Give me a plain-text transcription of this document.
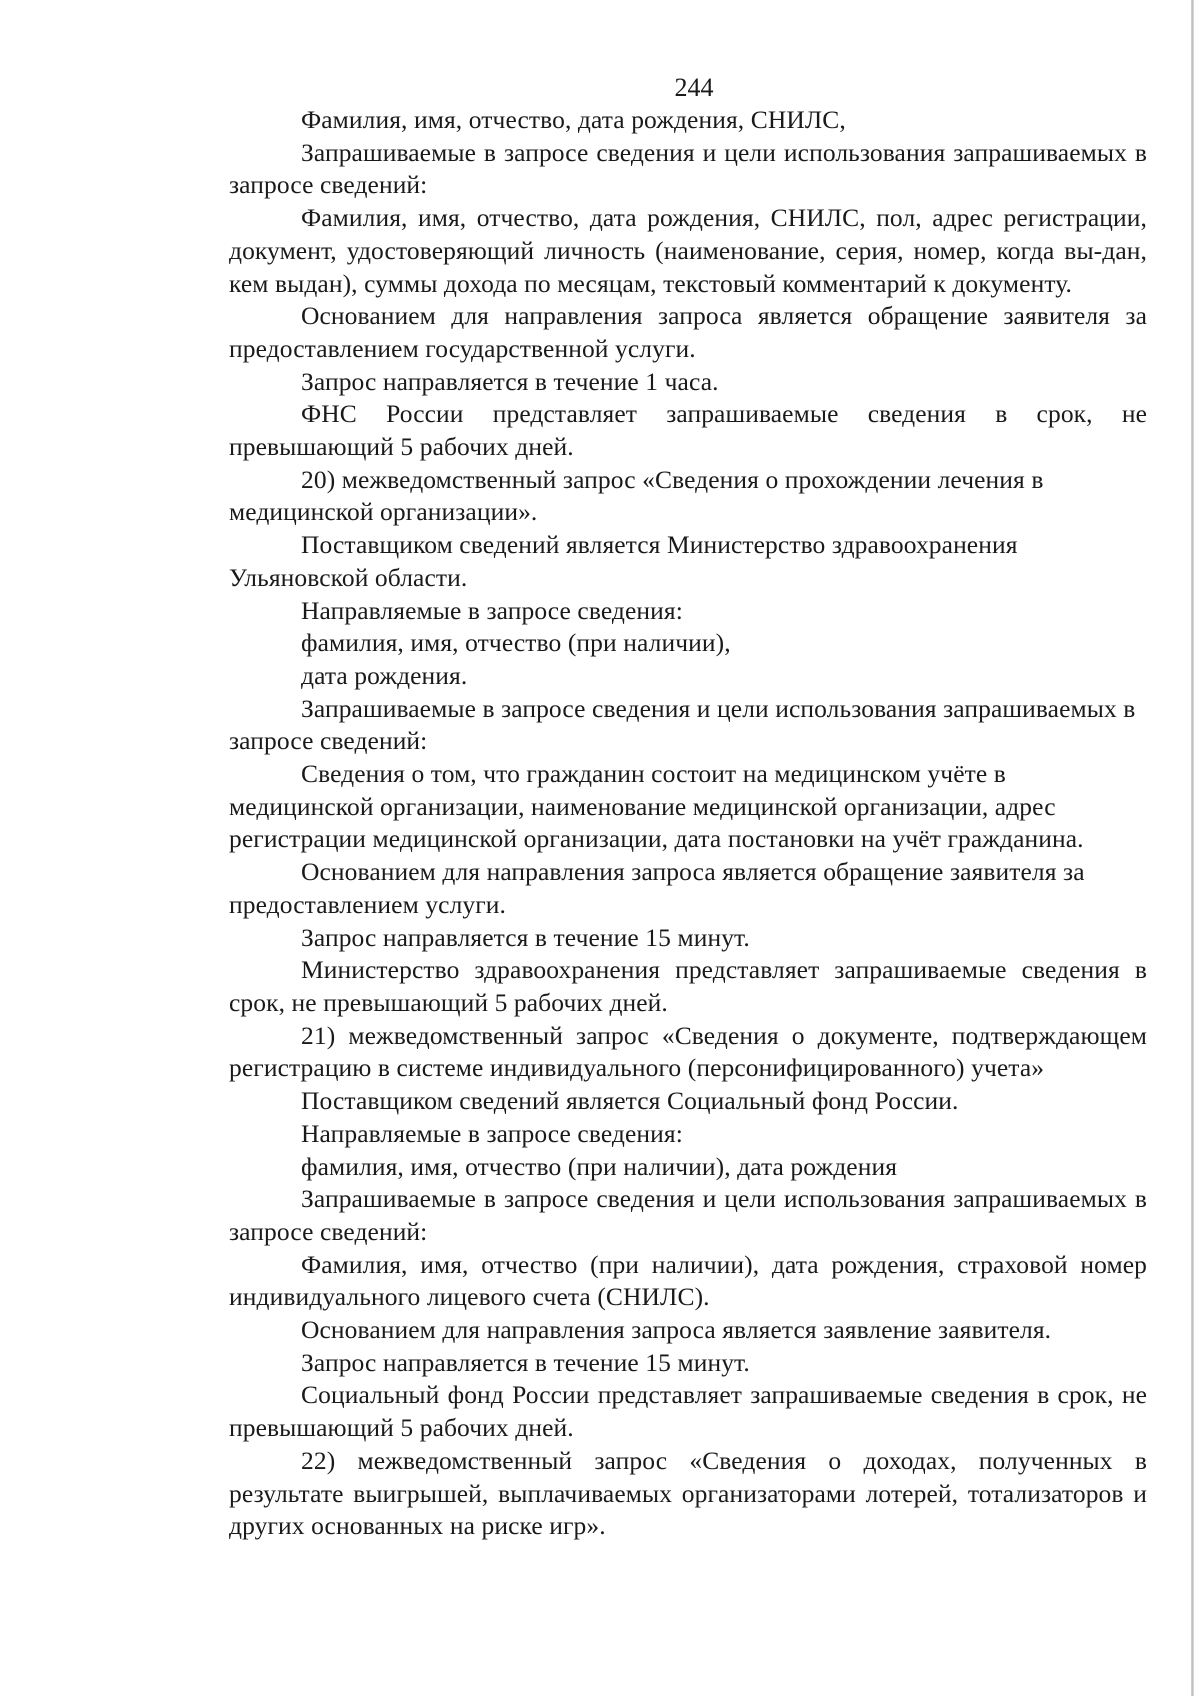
244

Фамилия, имя, отчество, дата рождения, СНИЛС,

Запрашиваемые в запросе сведения и цели использования запрашиваемых в запросе сведений:

Фамилия, имя, отчество, дата рождения, СНИЛС, пол, адрес регистрации, документ, удостоверяющий личность (наименование, серия, номер, когда вы-дан, кем выдан), суммы дохода по месяцам, текстовый комментарий к документу.

Основанием для направления запроса является обращение заявителя за предоставлением государственной услуги.

Запрос направляется в течение 1 часа.

ФНС России представляет запрашиваемые сведения в срок, не превышающий 5 рабочих дней.

20) межведомственный запрос «Сведения о прохождении лечения в медицинской организации».

Поставщиком сведений является Министерство здравоохранения Ульяновской области.

Направляемые в запросе сведения:

фамилия, имя, отчество (при наличии),

дата рождения.

Запрашиваемые в запросе сведения и цели использования запрашиваемых в запросе сведений:

Сведения о том, что гражданин состоит на медицинском учёте в медицинской организации, наименование медицинской организации, адрес регистрации медицинской организации, дата постановки на учёт гражданина.

Основанием для направления запроса является обращение заявителя за предоставлением услуги.

Запрос направляется в течение 15 минут.

Министерство здравоохранения представляет запрашиваемые сведения в срок, не превышающий 5 рабочих дней.

21) межведомственный запрос «Сведения о документе, подтверждающем регистрацию в системе индивидуального (персонифицированного) учета»

Поставщиком сведений является Социальный фонд России.

Направляемые в запросе сведения:

фамилия, имя, отчество (при наличии), дата рождения

Запрашиваемые в запросе сведения и цели использования запрашиваемых в запросе сведений:

Фамилия, имя, отчество (при наличии), дата рождения, страховой номер индивидуального лицевого счета (СНИЛС).

Основанием для направления запроса является заявление заявителя.

Запрос направляется в течение 15 минут.

Социальный фонд России представляет запрашиваемые сведения в срок, не превышающий 5 рабочих дней.

22) межведомственный запрос «Сведения о доходах, полученных в результате выигрышей, выплачиваемых организаторами лотерей, тотализаторов и других основанных на риске игр».
